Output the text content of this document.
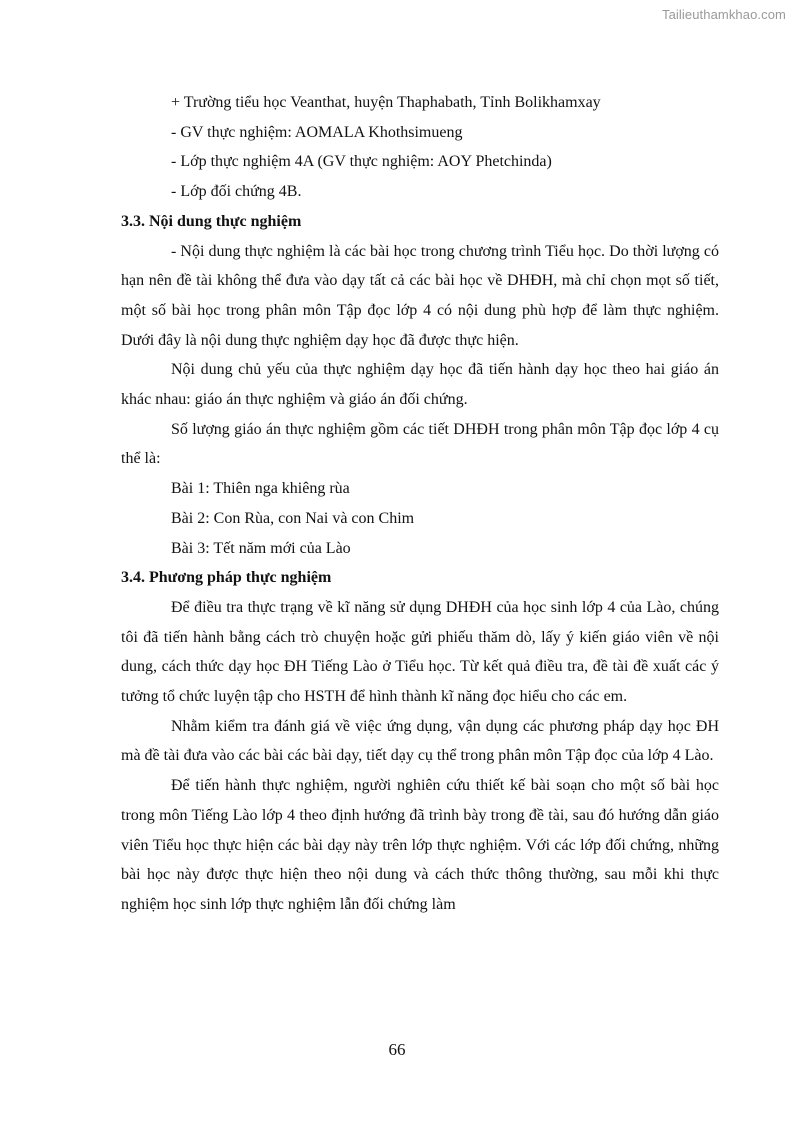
Tailieuthamkhao.com
+ Trường tiểu học Veanthat, huyện Thaphabath, Tỉnh Bolikhamxay
- GV thực nghiệm: AOMALA Khothsimueng
- Lớp thực nghiệm 4A (GV thực nghiệm: AOY Phetchinda)
- Lớp đối chứng 4B.
3.3. Nội dung thực nghiệm

- Nội dung thực nghiệm là các bài học trong chương trình Tiểu học. Do thời lượng có hạn nên đề tài không thể đưa vào dạy tất cả các bài học về DHĐH, mà chỉ chọn mọt số tiết, một số bài học trong phân môn Tập đọc lớp 4 có nội dung phù hợp để làm thực nghiệm. Dưới đây là nội dung thực nghiệm dạy học đã được thực hiện.

Nội dung chủ yếu của thực nghiệm dạy học đã tiến hành dạy học theo hai giáo án khác nhau: giáo án thực nghiệm và giáo án đối chứng.

Số lượng giáo án thực nghiệm gồm các tiết DHĐH trong phân môn Tập đọc lớp 4 cụ thể là:

Bài 1: Thiên nga khiêng rùa
Bài 2: Con Rùa, con Nai và con Chim
Bài 3: Tết năm mới của Lào
3.4. Phương pháp thực nghiệm

Để điều tra thực trạng về kĩ năng sử dụng DHĐH của học sinh lớp 4 của Lào, chúng tôi đã tiến hành bằng cách trò chuyện hoặc gửi phiếu thăm dò, lấy ý kiến giáo viên về nội dung, cách thức dạy học ĐH Tiếng Lào ở Tiểu học. Từ kết quả điều tra, đề tài đề xuất các ý tưởng tổ chức luyện tập cho HSTH để hình thành kĩ năng đọc hiểu cho các em.

Nhằm kiểm tra đánh giá về việc ứng dụng, vận dụng các phương pháp dạy học ĐH mà đề tài đưa vào các bài các bài dạy, tiết dạy cụ thể trong phân môn Tập đọc của lớp 4 Lào.

Để tiến hành thực nghiệm, người nghiên cứu thiết kế bài soạn cho một số bài học trong môn Tiếng Lào lớp 4 theo định hướng đã trình bày trong đề tài, sau đó hướng dẫn giáo viên Tiểu học thực hiện các bài dạy này trên lớp thực nghiệm. Với các lớp đối chứng, những bài học này được thực hiện theo nội dung và cách thức thông thường, sau mỗi khi thực nghiệm học sinh lớp thực nghiệm lẫn đối chứng làm

66
